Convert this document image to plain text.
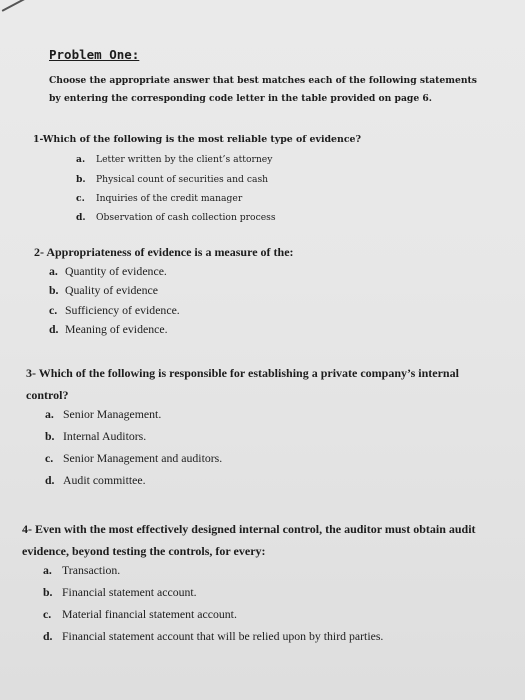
Problem One:
Choose the appropriate answer that best matches each of the following statements by entering the corresponding code letter in the table provided on page 6.
1-Which of the following is the most reliable type of evidence?
a. Letter written by the client’s attorney
b. Physical count of securities and cash
c. Inquiries of the credit manager
d. Observation of cash collection process
2- Appropriateness of evidence is a measure of the:
a. Quantity of evidence.
b. Quality of evidence
c. Sufficiency of evidence.
d. Meaning of evidence.
3- Which of the following is responsible for establishing a private company’s internal control?
a. Senior Management.
b. Internal Auditors.
c. Senior Management and auditors.
d. Audit committee.
4- Even with the most effectively designed internal control, the auditor must obtain audit evidence, beyond testing the controls, for every:
a. Transaction.
b. Financial statement account.
c. Material financial statement account.
d. Financial statement account that will be relied upon by third parties.
